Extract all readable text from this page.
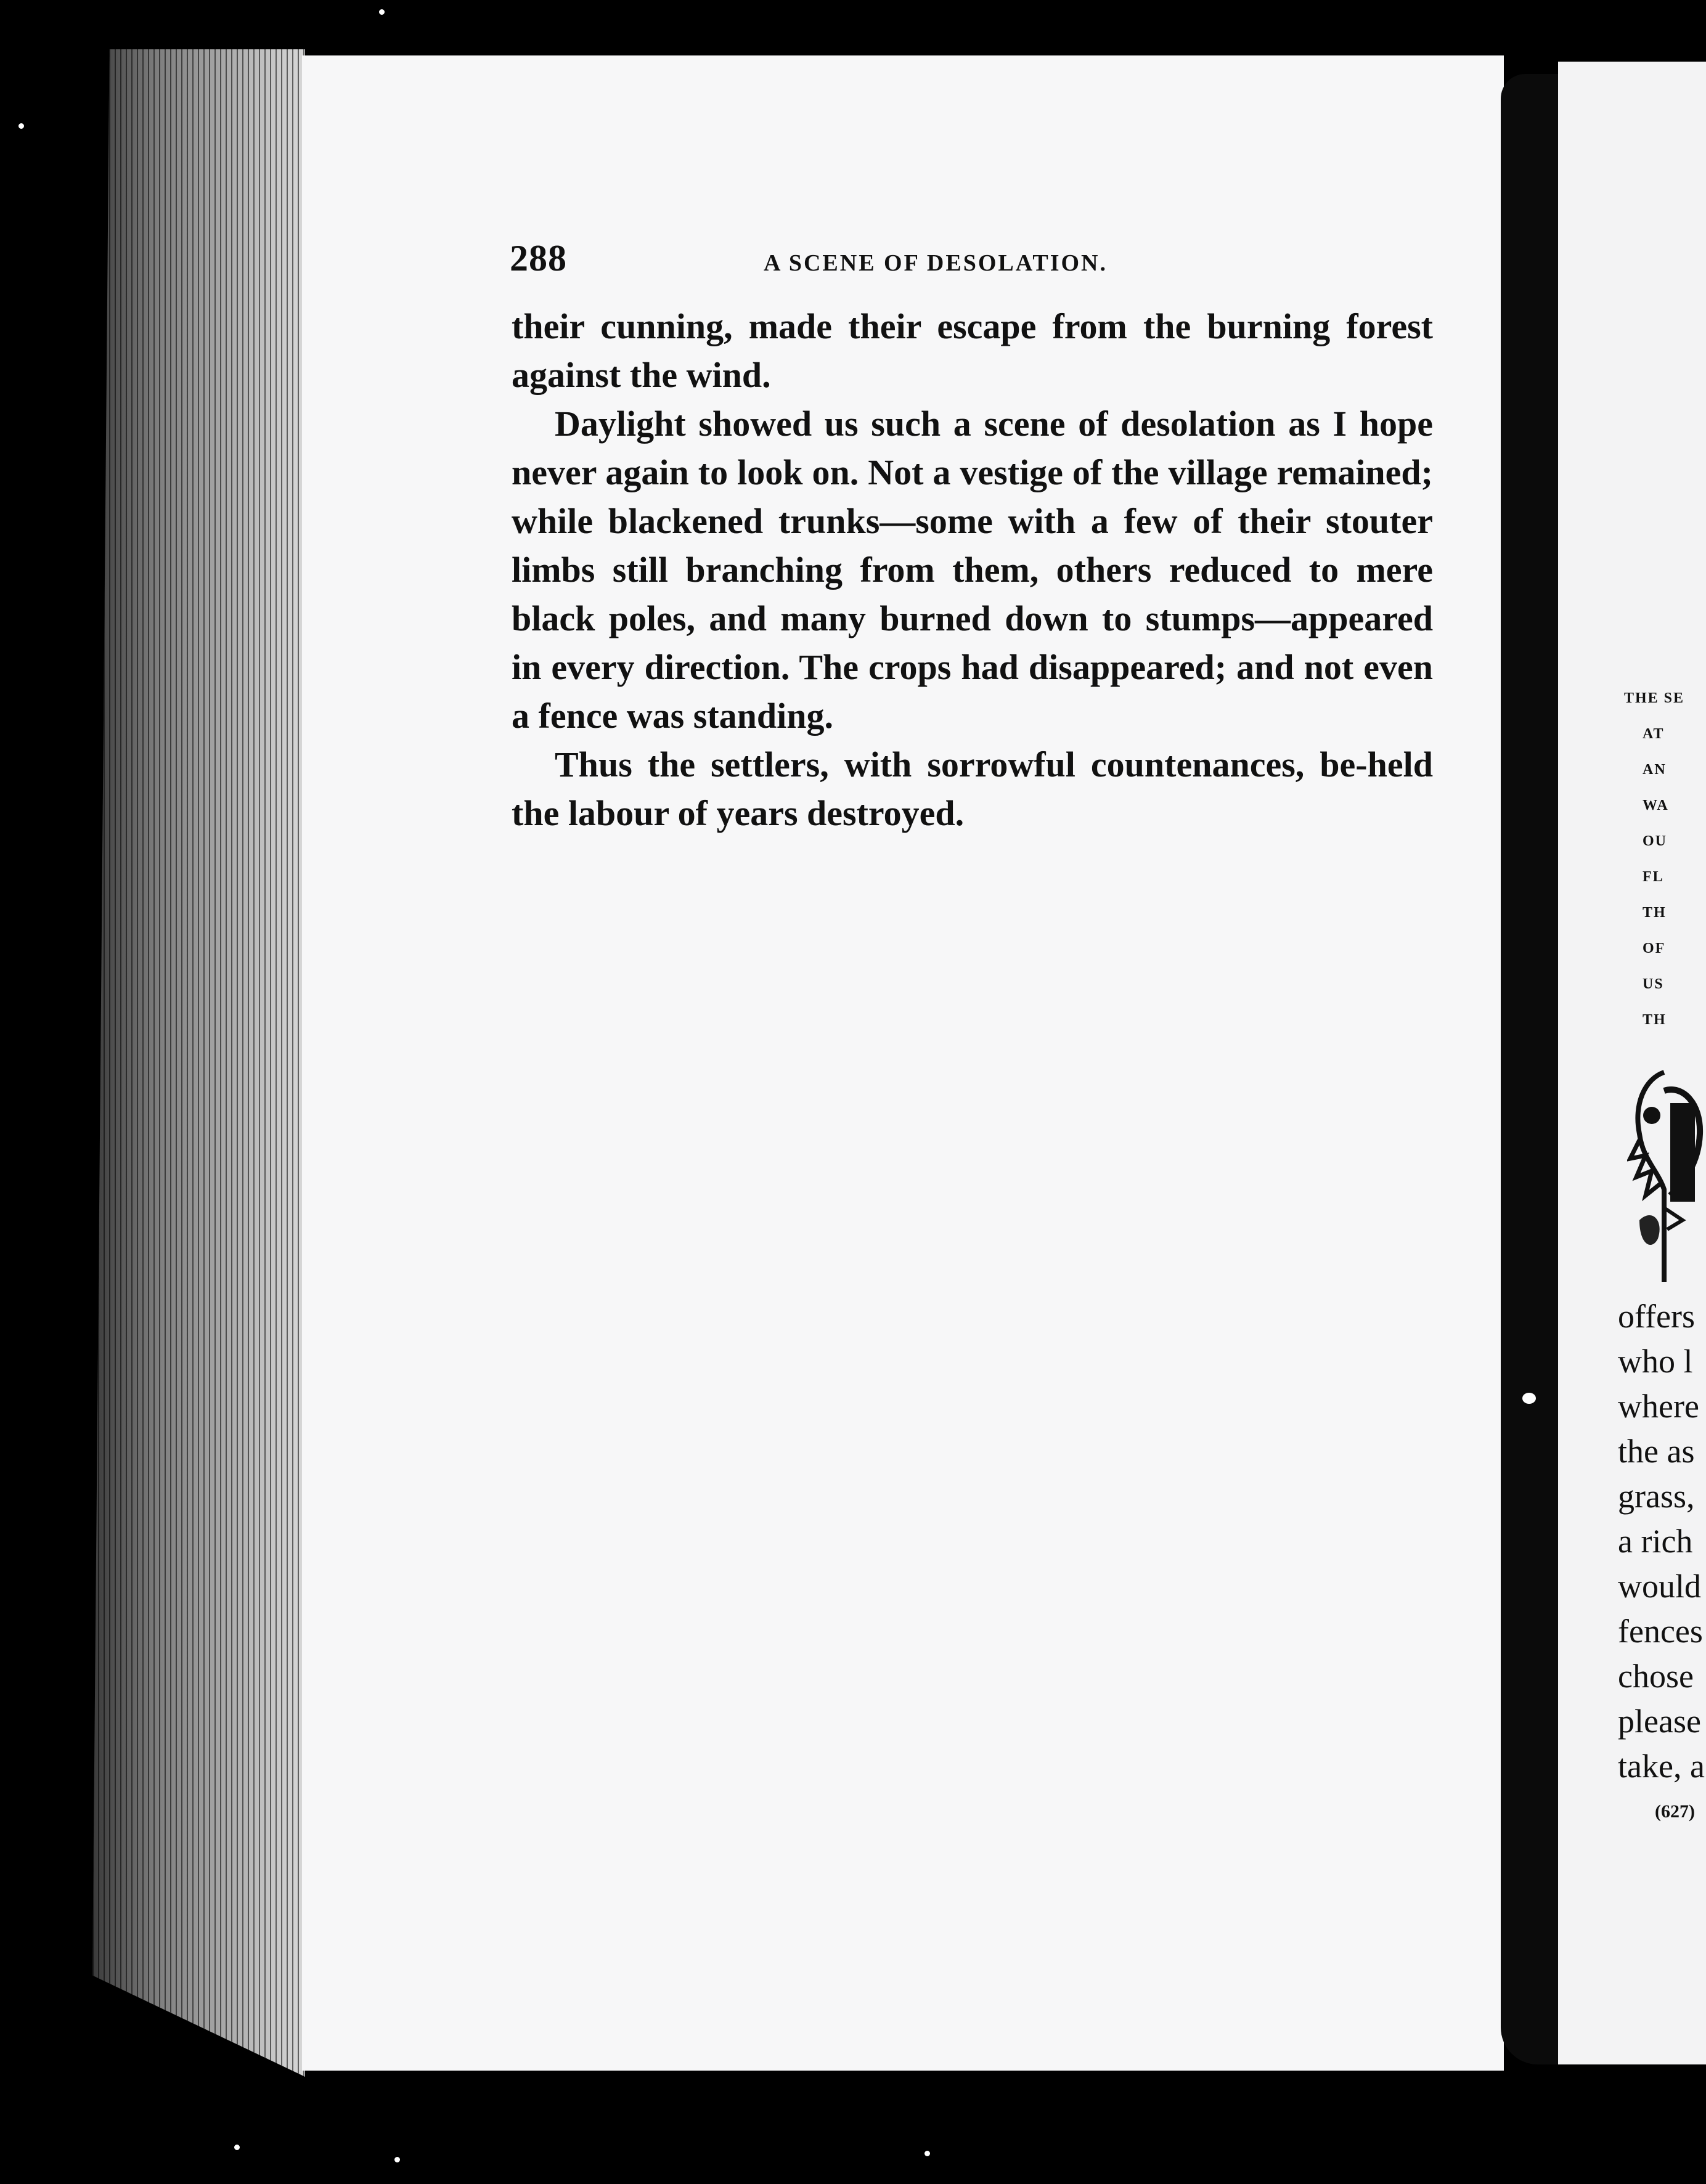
288	A SCENE OF DESOLATION.

their cunning, made their escape from the burning forest against the wind.

Daylight showed us such a scene of desolation as I hope never again to look on. Not a vestige of the village remained; while blackened trunks—some with a few of their stouter limbs still branching from them, others reduced to mere black poles, and many burned down to stumps—appeared in every direction. The crops had disappeared; and not even a fence was standing.

Thus the settlers, with sorrowful countenances, be-held the labour of years destroyed.

THE SE
AT
AN
WA
OU
FL
TH
OF
US
TH
offers
who l
where
the as
grass,
a rich
would
fences
chose
please
take, a
(627)
